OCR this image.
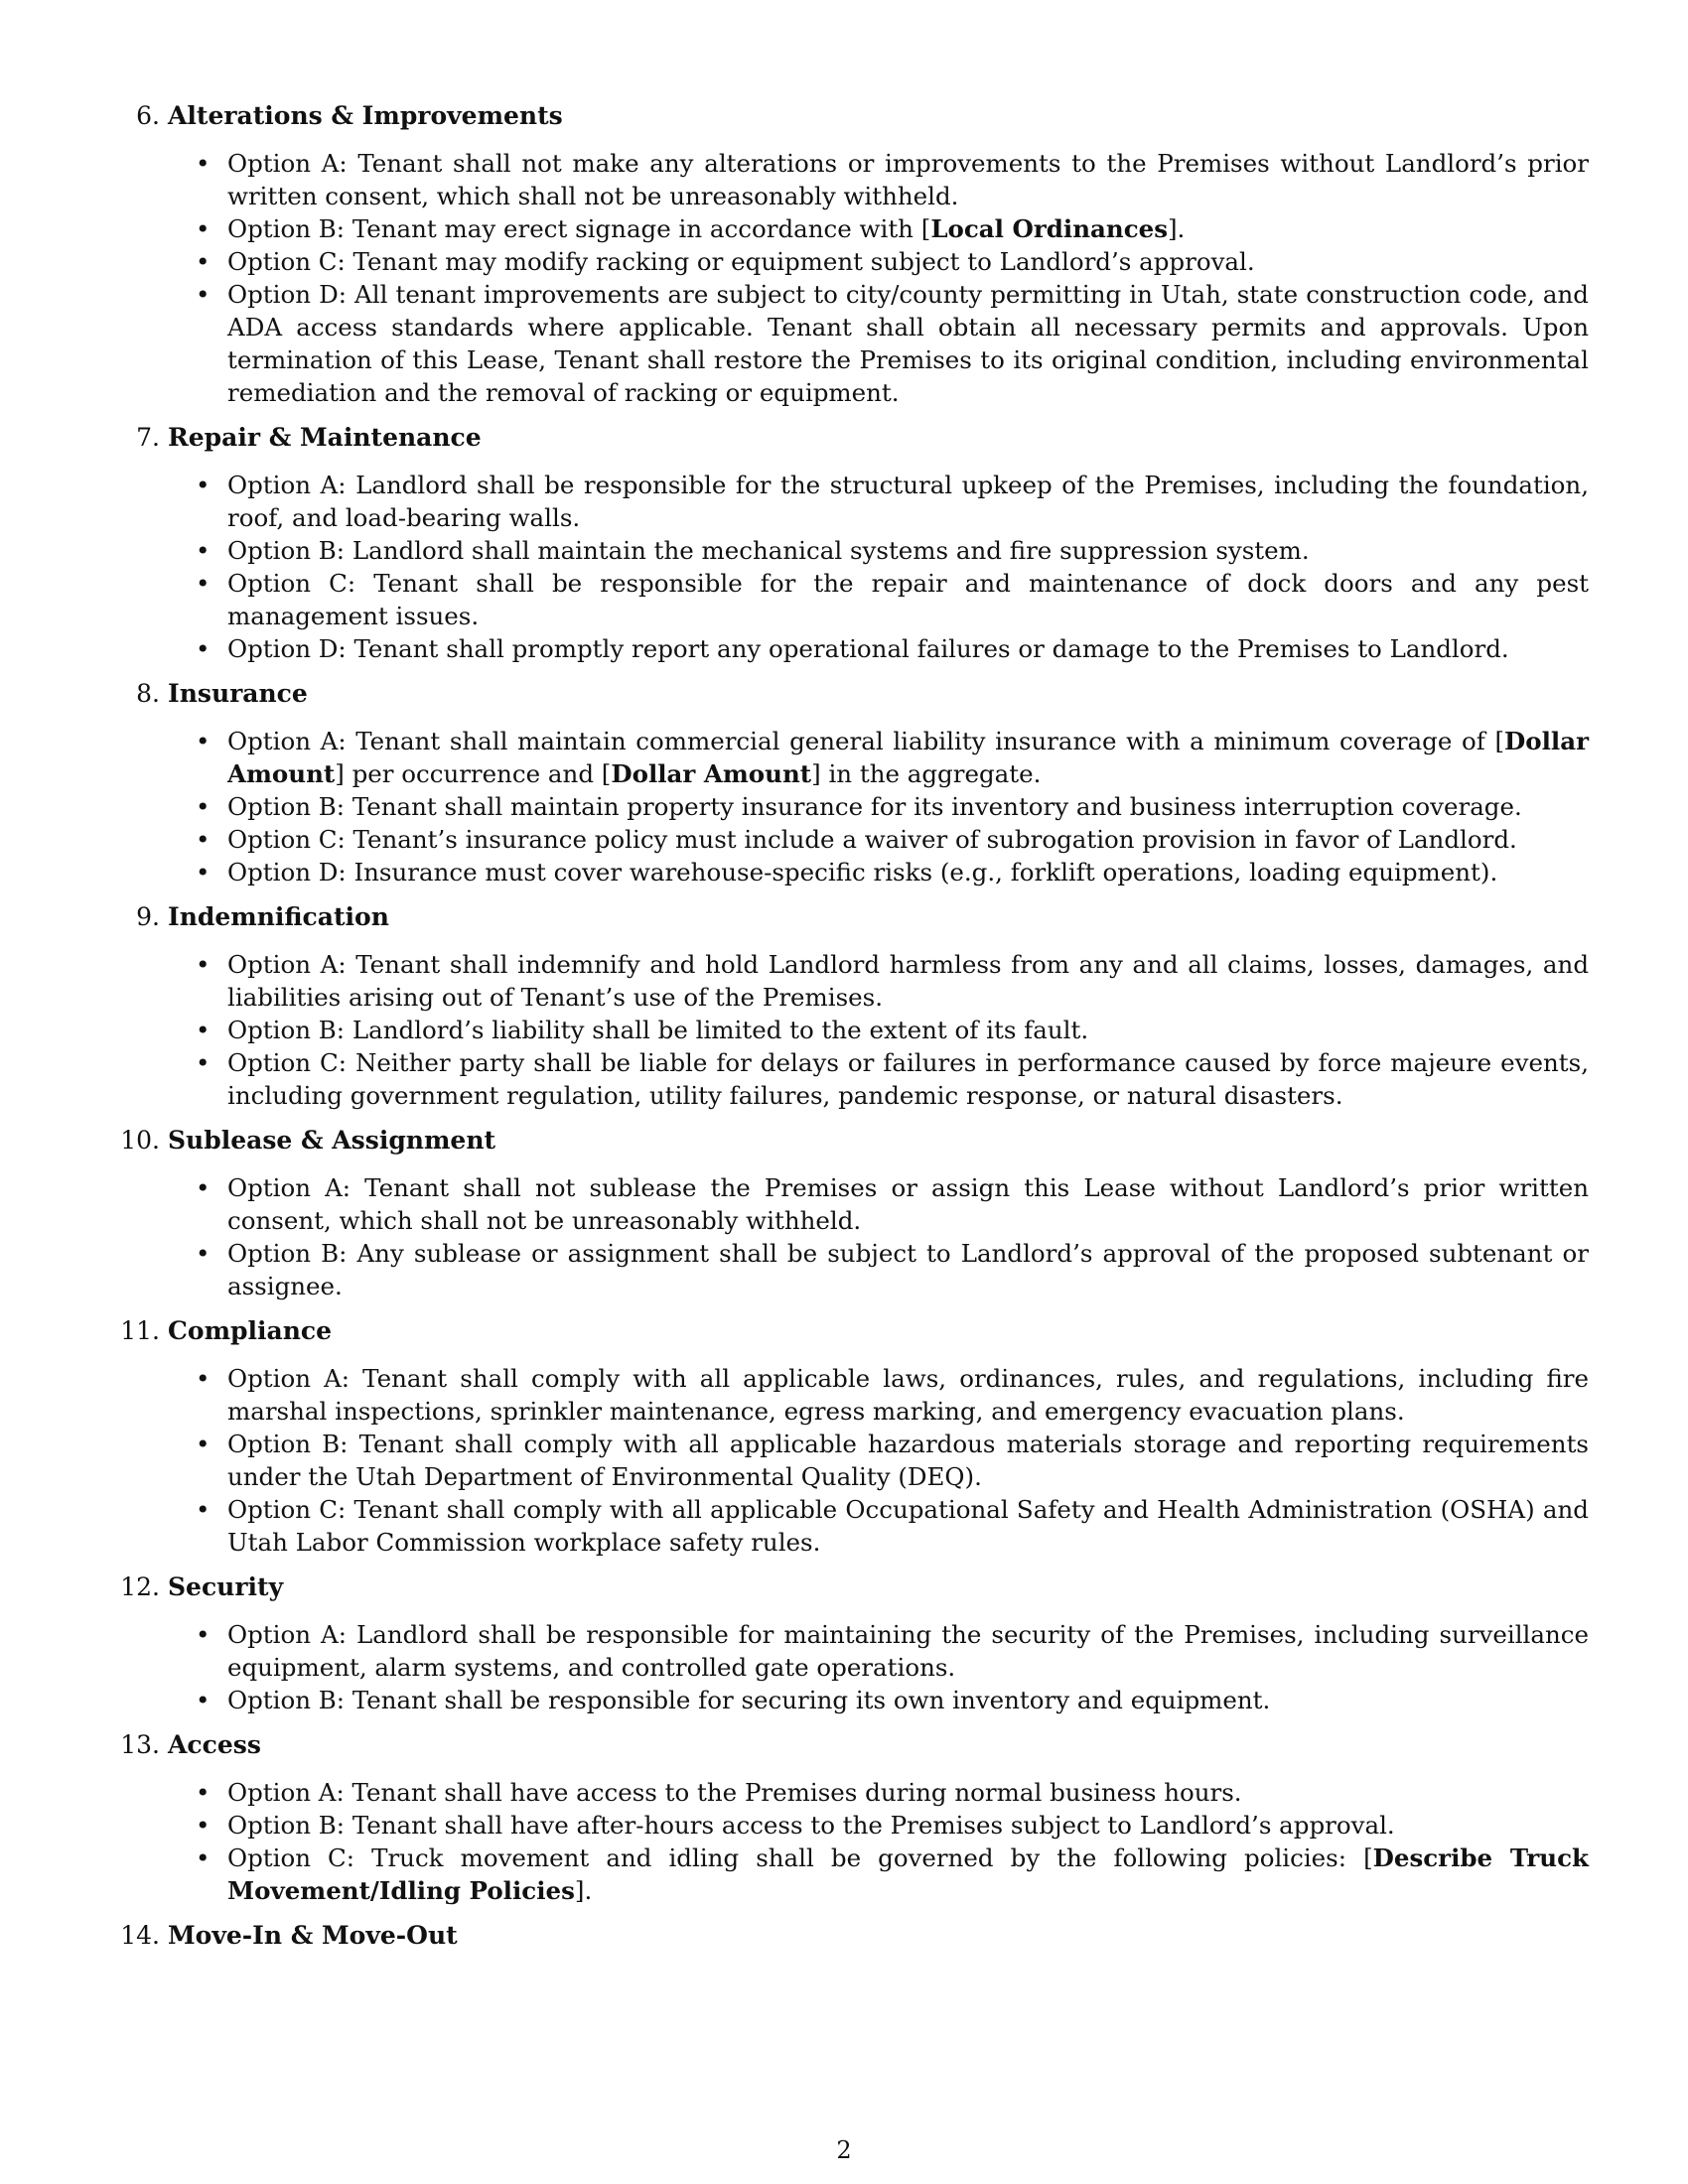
6. Alterations & Improvements
• Option A: Tenant shall not make any alterations or improvements to the Premises without Landlord’s prior written consent, which shall not be unreasonably withheld.
• Option B: Tenant may erect signage in accordance with [Local Ordinances].
• Option C: Tenant may modify racking or equipment subject to Landlord’s approval.
• Option D: All tenant improvements are subject to city/county permitting in Utah, state construction code, and ADA access standards where applicable. Tenant shall obtain all necessary permits and approvals. Upon termination of this Lease, Tenant shall restore the Premises to its original condition, including environmental remediation and the removal of racking or equipment.
7. Repair & Maintenance
• Option A: Landlord shall be responsible for the structural upkeep of the Premises, including the foundation, roof, and load-bearing walls.
• Option B: Landlord shall maintain the mechanical systems and fire suppression system.
• Option C: Tenant shall be responsible for the repair and maintenance of dock doors and any pest management issues.
• Option D: Tenant shall promptly report any operational failures or damage to the Premises to Landlord.
8. Insurance
• Option A: Tenant shall maintain commercial general liability insurance with a minimum coverage of [Dollar Amount] per occurrence and [Dollar Amount] in the aggregate.
• Option B: Tenant shall maintain property insurance for its inventory and business interruption coverage.
• Option C: Tenant’s insurance policy must include a waiver of subrogation provision in favor of Landlord.
• Option D: Insurance must cover warehouse-specific risks (e.g., forklift operations, loading equipment).
9. Indemnification
• Option A: Tenant shall indemnify and hold Landlord harmless from any and all claims, losses, damages, and liabilities arising out of Tenant’s use of the Premises.
• Option B: Landlord’s liability shall be limited to the extent of its fault.
• Option C: Neither party shall be liable for delays or failures in performance caused by force majeure events, including government regulation, utility failures, pandemic response, or natural disasters.
10. Sublease & Assignment
• Option A: Tenant shall not sublease the Premises or assign this Lease without Landlord’s prior written consent, which shall not be unreasonably withheld.
• Option B: Any sublease or assignment shall be subject to Landlord’s approval of the proposed subtenant or assignee.
11. Compliance
• Option A: Tenant shall comply with all applicable laws, ordinances, rules, and regulations, including fire marshal inspections, sprinkler maintenance, egress marking, and emergency evacuation plans.
• Option B: Tenant shall comply with all applicable hazardous materials storage and reporting requirements under the Utah Department of Environmental Quality (DEQ).
• Option C: Tenant shall comply with all applicable Occupational Safety and Health Administration (OSHA) and Utah Labor Commission workplace safety rules.
12. Security
• Option A: Landlord shall be responsible for maintaining the security of the Premises, including surveillance equipment, alarm systems, and controlled gate operations.
• Option B: Tenant shall be responsible for securing its own inventory and equipment.
13. Access
• Option A: Tenant shall have access to the Premises during normal business hours.
• Option B: Tenant shall have after-hours access to the Premises subject to Landlord’s approval.
• Option C: Truck movement and idling shall be governed by the following policies: [Describe Truck Movement/Idling Policies].
14. Move-In & Move-Out
2
